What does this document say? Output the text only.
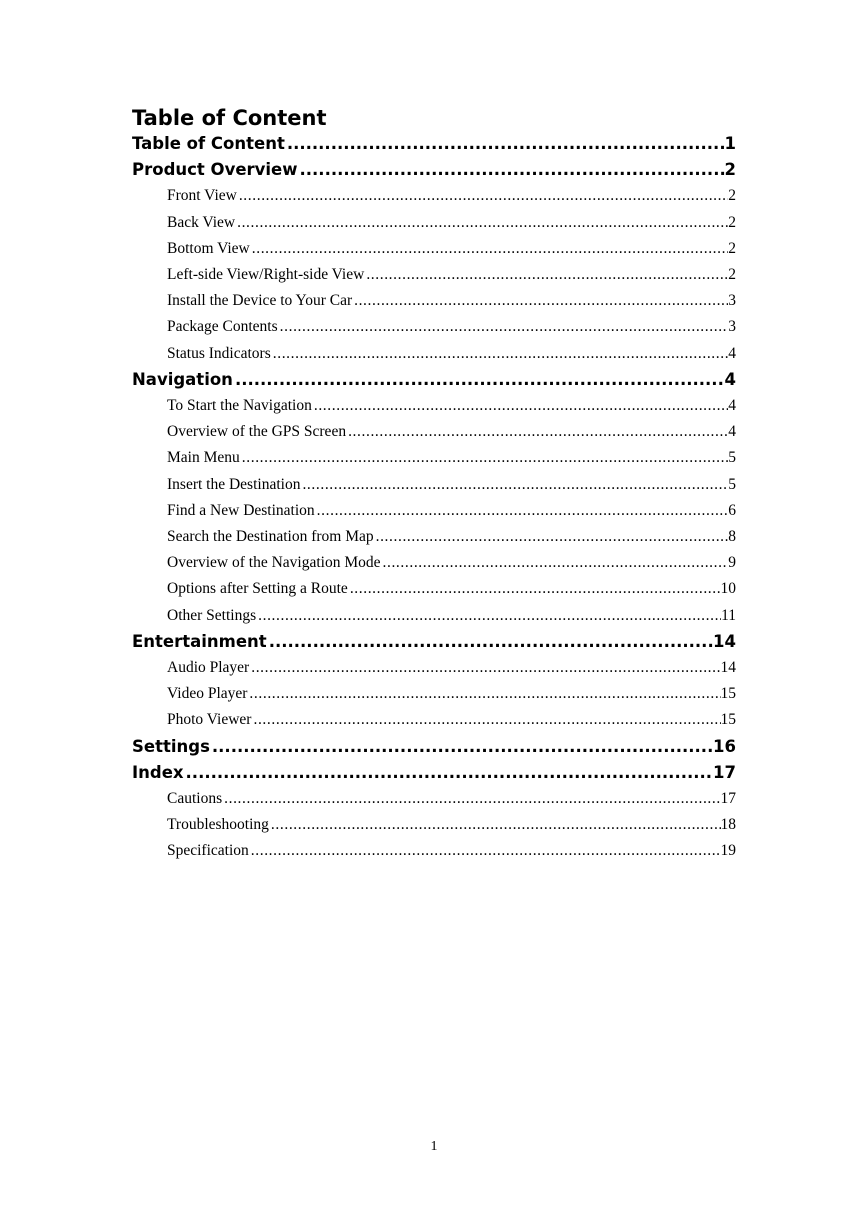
Table of Content
Table of Content .....	1
Product Overview .....	2
Front View .....	2
Back View .....	2
Bottom View .....	2
Left-side View/Right-side View .....	2
Install the Device to Your Car .....	3
Package Contents .....	3
Status Indicators .....	4
Navigation .....	4
To Start the Navigation .....	4
Overview of the GPS Screen .....	4
Main Menu .....	5
Insert the Destination .....	5
Find a New Destination .....	6
Search the Destination from Map .....	8
Overview of the Navigation Mode .....	9
Options after Setting a Route .....	10
Other Settings .....	11
Entertainment .....	14
Audio Player .....	14
Video Player .....	15
Photo Viewer .....	15
Settings .....	16
Index .....	17
Cautions .....	17
Troubleshooting .....	18
Specification .....	19
1
